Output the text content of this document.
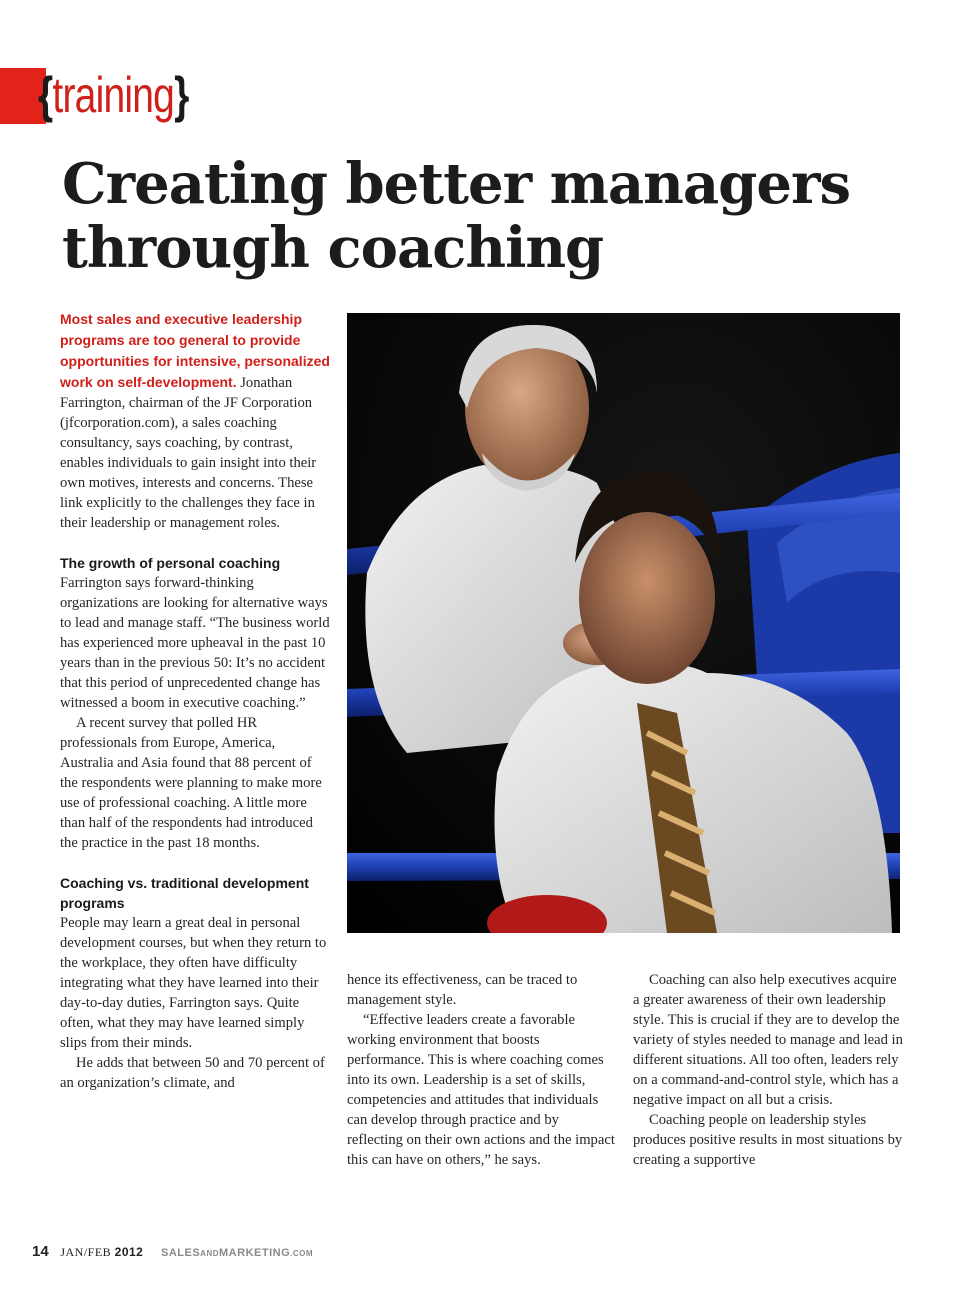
{training}
Creating better managers through coaching

Most sales and executive leadership programs are too general to provide opportunities for intensive, personalized work on self-development. Jonathan Farrington, chairman of the JF Corporation (jfcorporation.com), a sales coaching consultancy, says coaching, by contrast, enables individuals to gain insight into their own motives, interests and concerns. These link explicitly to the challenges they face in their leadership or management roles.

The growth of personal coaching

Farrington says forward-thinking organizations are looking for alternative ways to lead and manage staff. “The business world has experienced more upheaval in the past 10 years than in the previous 50: It’s no accident that this period of unprecedented change has witnessed a boom in executive coaching.”

A recent survey that polled HR professionals from Europe, America, Australia and Asia found that 88 percent of the respondents were planning to make more use of professional coaching. A little more than half of the respondents had introduced the practice in the past 18 months.

Coaching vs. traditional development programs

People may learn a great deal in personal development courses, but when they return to the workplace, they often have difficulty integrating what they have learned into their day-to-day duties, Farrington says. Quite often, what they may have learned simply slips from their minds.

He adds that between 50 and 70 percent of an organization’s climate, and

hence its effectiveness, can be traced to management style.

“Effective leaders create a favorable working environment that boosts performance. This is where coaching comes into its own. Leadership is a set of skills, competencies and attitudes that individuals can develop through practice and by reflecting on their own actions and the impact this can have on others,” he says.

Coaching can also help executives acquire a greater awareness of their own leadership style. This is crucial if they are to develop the variety of styles needed to manage and lead in different situations. All too often, leaders rely on a command-and-control style, which has a negative impact on all but a crisis.

Coaching people on leadership styles produces positive results in most situations by creating a supportive

14 JAN/FEB 2012 SALESANDMARKETING.COM
